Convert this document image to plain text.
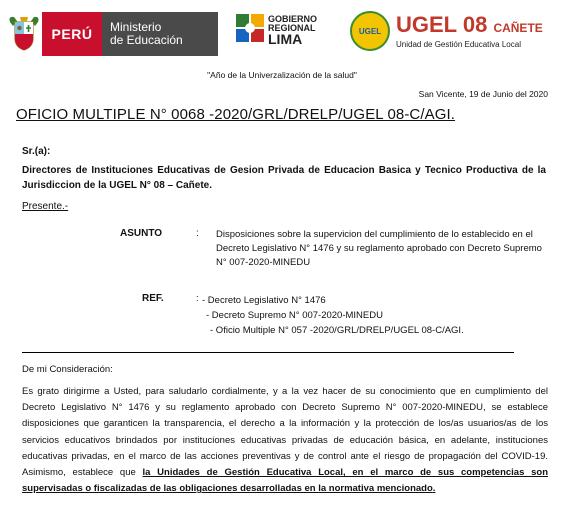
PERÚ	Ministerio
de Educación
GOBIERNO
REGIONAL
LIMA	UGEL UGEL 08 CAÑETE
Unidad de Gestión Educativa Local
"Año de la Univerzalización de la salud"
San Vicente, 19 de Junio del 2020
OFICIO MULTIPLE N° 0068 -2020/GRL/DRELP/UGEL 08-C/AGI.
Sr.(a):
Directores de Instituciones Educativas de Gesion Privada de Educacion Basica y Tecnico Productiva de la Jurisdiccion de la UGEL N° 08 – Cañete.
Presente.-
ASUNTO	: Disposiciones sobre la supervicion del cumplimiento de lo establecido en el Decreto Legislativo N° 1476 y su reglamento aprobado con Decreto Supremo N° 007-2020-MINEDU
REF.	: - Decreto Legislativo N° 1476
- Decreto Supremo N° 007-2020-MINEDU
- Oficio Multiple N° 057 -2020/GRL/DRELP/UGEL 08-C/AGI.
De mi Consideración:
Es grato dirigirme a Usted, para saludarlo cordialmente, y a la vez hacer de su conocimiento que en cumplimiento del Decreto Legislativo N° 1476 y su reglamento aprobado con Decreto Supremo N° 007-2020-MINEDU, se establece disposiciones que garanticen la transparencia, el derecho a la información y la protección de los/as usuarios/as de los servicios educativos brindados por instituciones educativas privadas de educación básica, en adelante, instituciones educativas privadas, en el marco de las acciones preventivas y de control ante el riesgo de propagación del COVID-19. Asimismo, establece que la Unidades de Gestión Educativa Local, en el marco de sus competencias son supervisadas o fiscalizadas de las obligaciones desarrolladas en la normativa mencionado.
